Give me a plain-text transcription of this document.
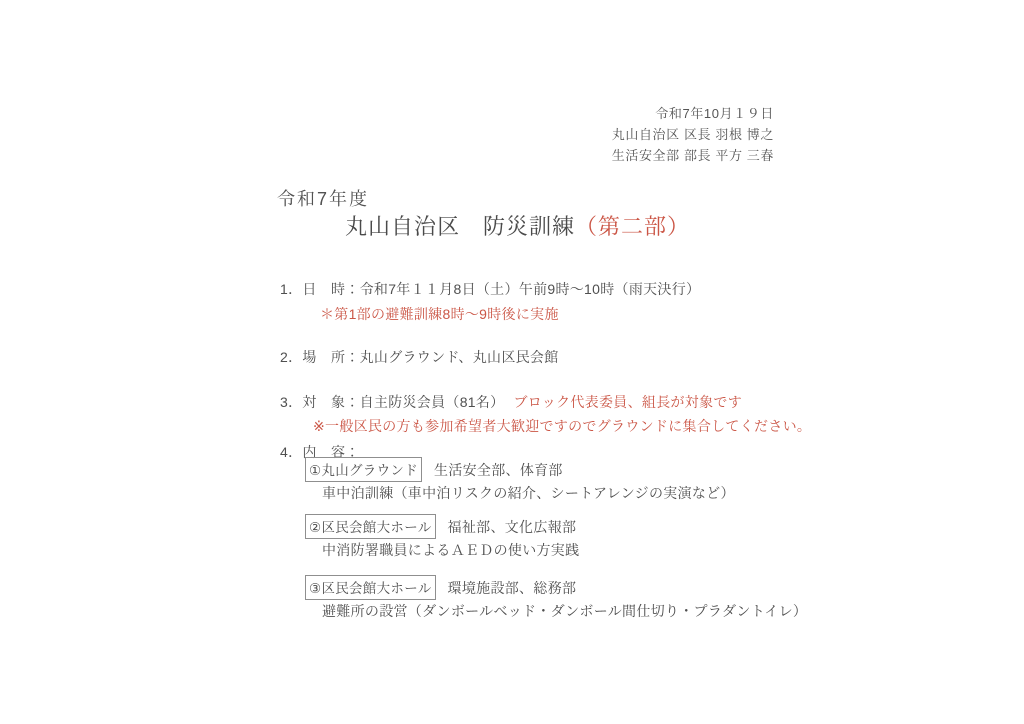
令和7年10月１９日
丸山自治区 区長 羽根 博之
生活安全部 部長 平方 三春
令和7年度
丸山自治区　防災訓練（第二部）
1．日　時：令和7年１１月8日（土）午前9時～10時（雨天決行）
＊第1部の避難訓練8時～9時後に実施
2．場　所：丸山グラウンド、丸山区民会館
3．対　象：自主防災会員（81名） ブロック代表委員、組長が対象です
※一般区民の方も参加希望者大歓迎ですのでグラウンドに集合してください。
4．内　容：
①丸山グラウンド 生活安全部、体育部
車中泊訓練（車中泊リスクの紹介、シートアレンジの実演など）
②区民会館大ホール 福祉部、文化広報部
中消防署職員によるＡＥＤの使い方実践
③区民会館大ホール 環境施設部、総務部
避難所の設営（ダンボールベッド・ダンボール間仕切り・プラダントイレ）
